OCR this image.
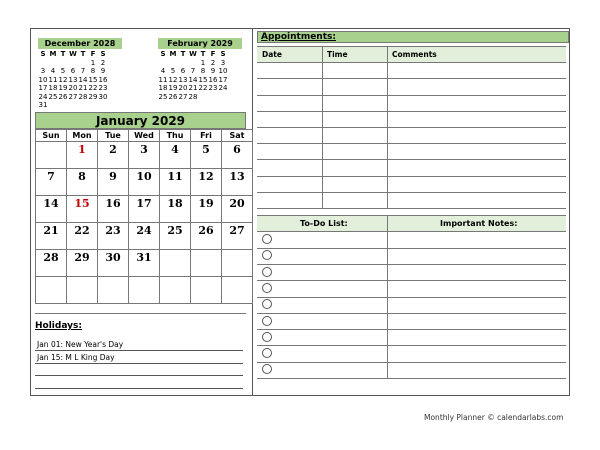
December 2028
S	M	T	W	T	F	S
					1	2
3	4	5	6	7	8	9
10	11	12	13	14	15	16
17	18	19	20	21	22	23
24	25	26	27	28	29	30
31						
February 2029
S	M	T	W	T	F	S
				1	2	3
4	5	6	7	8	9	10
11	12	13	14	15	16	17
18	19	20	21	22	23	24
25	26	27	28			
January 2029
Sun	Mon	Tue	Wed	Thu	Fri	Sat

	1	2	3	4	5	6

7	8	9	10	11	12	13

14	15	16	17	18	19	20

21	22	23	24	25	26	27

28	29	30	31			

Holidays:
Jan 01: New Year's Day
Jan 15: M L King Day
Appointments:
Date	Time	Comments
To-Do List:	Important Notes:
Monthly Planner © calendarlabs.com
